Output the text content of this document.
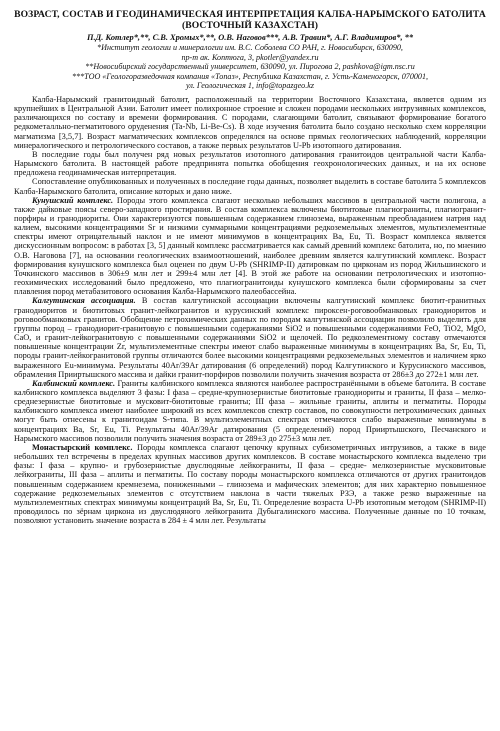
ВОЗРАСТ, СОСТАВ И ГЕОДИНАМИЧЕСКАЯ ИНТЕРПРЕТАЦИЯ КАЛБА-НАРЫМСКОГО БАТОЛИТА (ВОСТОЧНЫЙ КАЗАХСТАН)
П.Д. Котлер*,**, С.В. Хромых*,**, О.В. Наговов***, А.В. Травин*, А.Г. Владимиров*, **
*Институт геологии и минералогии им. В.С. Соболева СО РАН, г. Новосибирск, 630090,
пр-т ак. Коптюга, 3, pkotler@yandex.ru
**Новосибирский государственный университет, 630090, ул. Пирогова 2, pashkova@igm.nsc.ru
***ТОО «Геологоразведочная компания «Топаз», Республика Казахстан, г. Усть-Каменогорск, 070001,
ул. Геологическая 1, info@topazgeo.kz

Калба-Нарымский гранитоидный батолит, расположенный на территории Восточного Казахстана, является одним из крупнейших в Центральной Азии. Батолит имеет полихронное строение и сложен породами нескольких интрузивных комплексов, различающихся по составу и времени формирования. С породами, слагающими батолит, связывают формирование богатого редкометалльно-пегматитового оруденения (Ta-Nb, Li-Be-Cs). В ходе изучения батолита было создано несколько схем корреляции магматизма [3,5,7]. Возраст магматических комплексов определялся на основе прямых геологических наблюдений, корреляции минералогического и петрологического составов, а также первых результатов U-Pb изотопного датирования.

В последние годы был получен ряд новых результатов изотопного датирования гранитоидов центральной части Калба-Нарымского батолита. В настоящей работе предпринята попытка обобщения геохронологических данных, и на их основе предложена геодинамическая интерпретация.

Сопоставление опубликованных и полученных в последние годы данных, позволяет выделить в составе батолита 5 комплексов Калба-Нарымского батолита, описание которых и дано ниже.

Кунушский комплекс. Породы этого комплекса слагают несколько небольших массивов в центральной части полигона, а также дайковые поясы северо-западного простирания. В состав комплекса включены биотитовые плагиограниты, плагиогранит-порфиры и гранодиориты. Они характеризуются повышенным содержанием глинозема, выраженным преобладанием натрия над калием, высокими концентрациями Sr и низкими суммарными концентрациями редкоземельных элементов, мультиэлементные спектры имеют отрицательный наклон и не имеют минимумов в концентрациях Ba, Eu, Ti. Возраст комплекса является дискуссионным вопросом: в работах [3, 5] данный комплекс рассматривается как самый древний комплекс батолита, но, по мнению О.В. Наговова [7], на основании геологических взаимоотношений, наиболее древним является калгутинский комплекс. Возраст формирования кунушского комплекса был оценен по двум U-Pb (SHRIMP-II) датировкам по цирконам из пород Жильшинского и Точкинского массивов в 306±9 млн лет и 299±4 млн лет [4]. В этой же работе на основании петрологических и изотопно-геохимических исследований было предложено, что плагиогранитоиды кунушского комплекса были сформированы за счет плавления пород метабазитового основания Калба-Нарымского палеобассейна.

Калгутинская ассоциация. В состав калгутинской ассоциации включены калгутинский комплекс биотит-гранитных гранодиоритов и биотитовых гранит-лейкогранитов и курусинский комплекс пироксен-роговообманковых гранодиоритов и роговообманковых гранитов. Обобщение петрохимических данных по породам калгутинской ассоциации позволило выделить для группы пород – гранодиорит-гранитовую с повышенными содержаниями SiO2 и повышенными содержаниями FeO, TiO2, MgO, CaO, и гранит-лейкогранитовую с повышенными содержаниями SiO2 и щелочей. По редкоэлементному составу отмечаются повышенные концентрации Zr, мультиэлементные спектры имеют слабо выраженные минимумы в концентрациях Ba, Sr, Eu, Ti, породы гранит-лейкогранитовой группы отличаются более высокими концентрациями редкоземельных элементов и наличием ярко выраженного Eu-минимума. Результаты 40Ar/39Ar датирования (6 определений) пород Калгутинского и Курусинского массивов, обрамления Прииртышского массива и дайки гранит-порфиров позволили получить значения возраста от 286±3 до 272±1 млн лет.

Калбинский комплекс. Граниты калбинского комплекса являются наиболее распространёнными в объеме батолита. В составе калбинского комплекса выделяют 3 фазы: I фаза – средне-крупнозернистые биотитовые гранодиориты и граниты, II фаза – мелко-среднезернистые биотитовые и мусковит-биотитовые граниты; III фаза – жильные граниты, аплиты и пегматиты. Породы калбинского комплекса имеют наиболее широкий из всех комплексов спектр составов, по совокупности петрохимических данных могут быть отнесены к гранитоидам S-типа. В мультиэлементных спектрах отмечаются слабо выраженные минимумы в концентрациях Ba, Sr, Eu, Ti. Результаты 40Ar/39Ar датирования (5 определений) пород Прииртышского, Песчанского и Нарымского массивов позволили получить значения возраста от 289±3 до 275±3 млн лет.

Монастырский комплекс. Породы комплекса слагают цепочку крупных субизометричных интрузивов, а также в виде небольших тел встречены в пределах крупных массивов других комплексов. В составе монастырского комплекса выделено три фазы: I фаза – крупно- и грубозернистые двуслюдяные лейкограниты, II фаза – средне- мелкозернистые мусковитовые лейкограниты, III фаза – аплиты и пегматиты. По составу породы монастырского комплекса отличаются от других гранитоидов повышенным содержанием кремнезема, пониженными – глинозема и мафических элементов; для них характерно повышенное содержание редкоземельных элементов с отсутствием наклона в части тяжелых РЗЭ, а также резко выраженные на мультиэлементных спектрах минимумы концентраций Ba, Sr, Eu, Ti. Определение возраста U-Pb изотопным методом (SHRIMP-II) проводилось по зёрнам циркона из двуслюдяного лейкогранита Дубыгалинского массива. Полученные данные по 10 точкам, позволяют установить значение возраста в 284 ± 4 млн лет. Результаты
